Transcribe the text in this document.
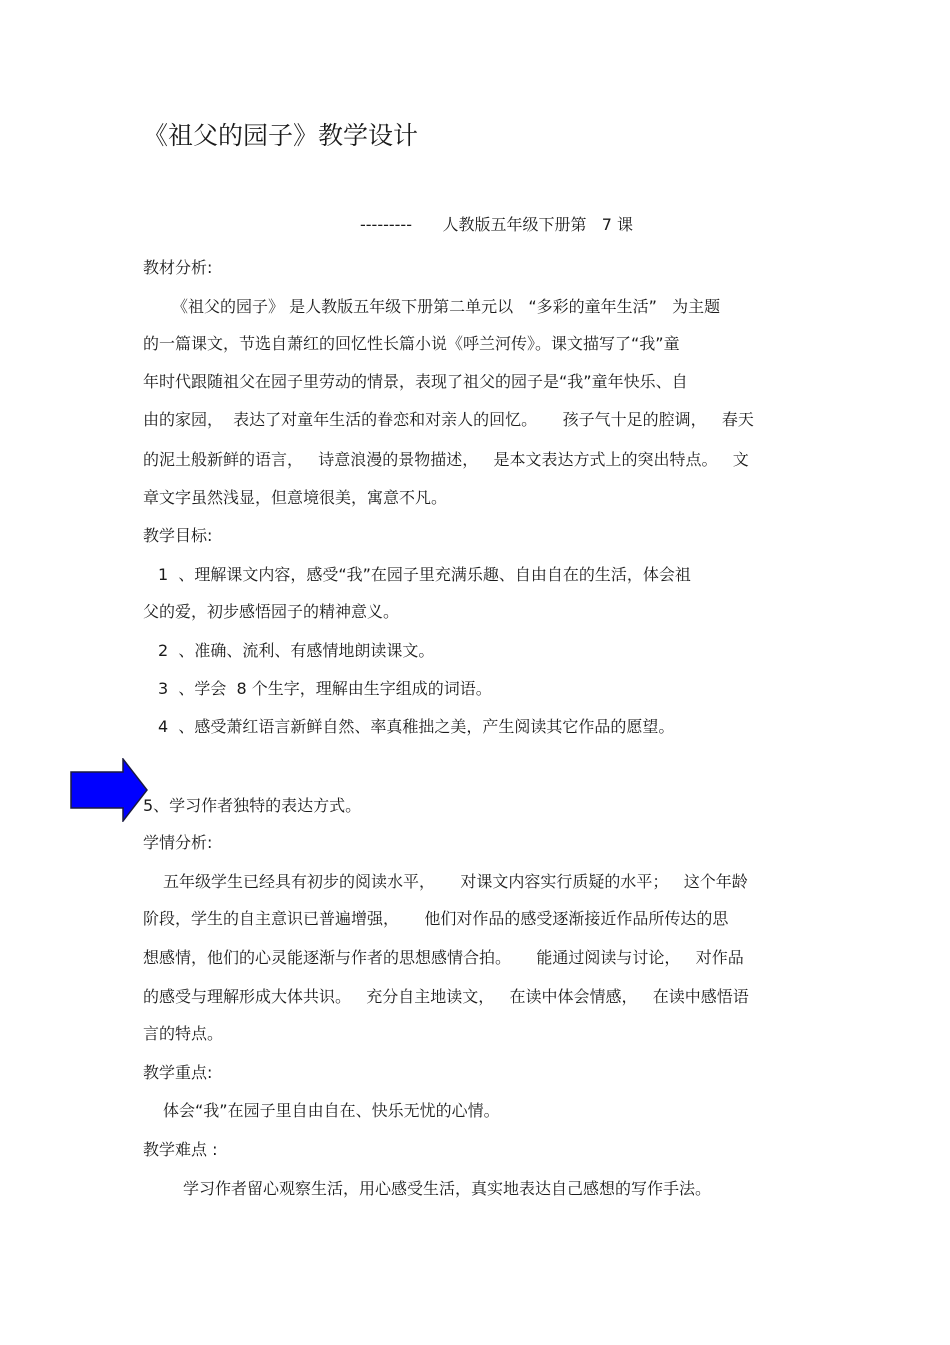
《祖父的园子》教学设计

---------      人教版五年级下册第   7 课

教材分析:

《祖父的园子》 是人教版五年级下册第二单元以   “多彩的童年生活”   为主题

的一篇课文，节选自萧红的回忆性长篇小说《呼兰河传》。课文描写了“我”童

年时代跟随祖父在园子里劳动的情景，表现了祖父的园子是“我”童年快乐、自

由的家园，  表达了对童年生活的眷恋和对亲人的回忆。     孩子气十足的腔调，   春天

的泥土般新鲜的语言，   诗意浪漫的景物描述，   是本文表达方式上的突出特点。   文

章文字虽然浅显，但意境很美，寓意不凡。

教学目标:

1  、理解课文内容，感受“我”在园子里充满乐趣、自由自在的生活，体会祖

父的爱，初步感悟园子的精神意义。

2  、准确、流利、有感情地朗读课文。

3  、学会  8 个生字，理解由生字组成的词语。

4  、感受萧红语言新鲜自然、率真稚拙之美，产生阅读其它作品的愿望。

5、学习作者独特的表达方式。

学情分析:

五年级学生已经具有初步的阅读水平，     对课文内容实行质疑的水平；   这个年龄

阶段，学生的自主意识已普遍增强，     他们对作品的感受逐渐接近作品所传达的思

想感情，他们的心灵能逐渐与作者的思想感情合拍。     能通过阅读与讨论，   对作品

的感受与理解形成大体共识。   充分自主地读文，   在读中体会情感，   在读中感悟语

言的特点。

教学重点:

体会“我”在园子里自由自在、快乐无忧的心情。

教学难点 :

学习作者留心观察生活，用心感受生活，真实地表达自己感想的写作手法。
